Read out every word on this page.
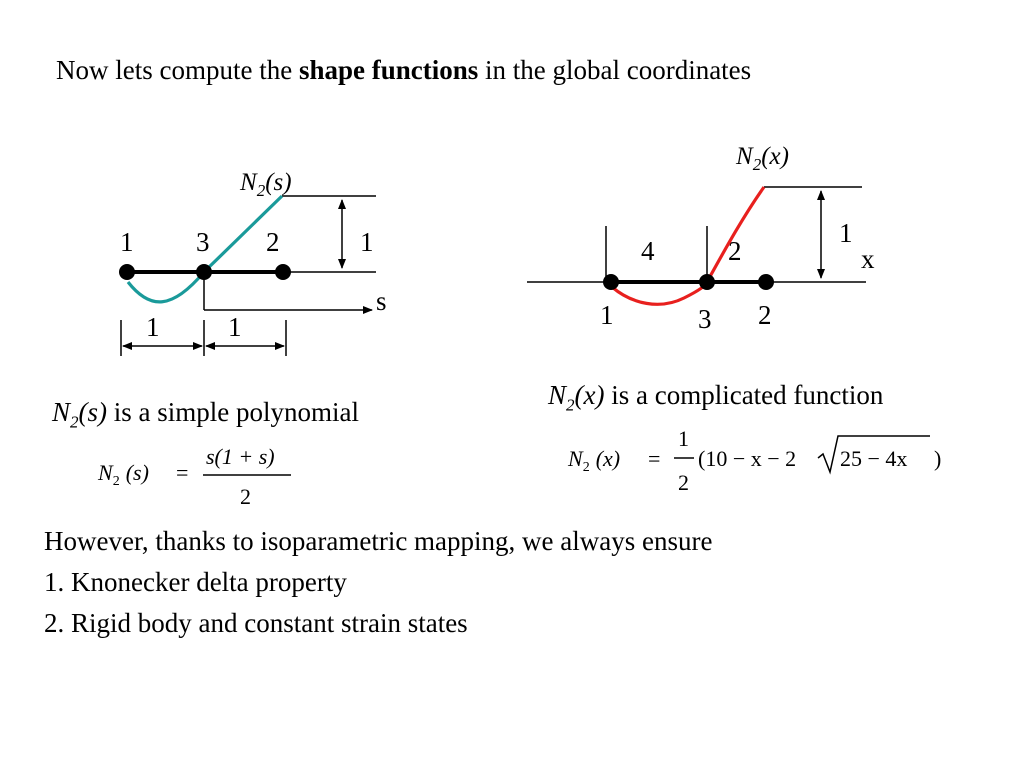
Now lets compute the shape functions in the global coordinates
N2(s)
1 3 2	1
s
1	1
N2(x)
1
4	2	x
1	3 2
$N_2(s)$ is a simple polynomial
$N_2(x)$ is a complicated function
$N_2$ (s) =
s(1 + s)
2
$N_2$ (x) =
1
2
(10 − x − 2 25 − 4x )
However, thanks to isoparametric mapping, we always ensure
1. Knonecker delta property
2. Rigid body and constant strain states
